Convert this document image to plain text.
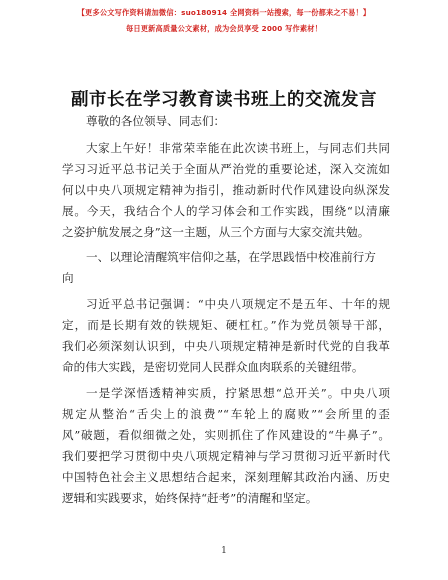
【更多公文写作资料请加微信：suo180914 全网资料一站搜索，每一份都来之不易！】
每日更新高质量公文素材，成为会员享受 2000 写作素材！
副市长在学习教育读书班上的交流发言
尊敬的各位领导、同志们：
大家上午好！非常荣幸能在此次读书班上，与同志们共同
学习习近平总书记关于全面从严治党的重要论述，深入交流如
何以中央八项规定精神为指引，推动新时代作风建设向纵深发
展。今天，我结合个人的学习体会和工作实践，围绕“以清廉
之姿护航发展之身”这一主题，从三个方面与大家交流共勉。
一、以理论清醒筑牢信仰之基，在学思践悟中校准前行方
向
习近平总书记强调：“中央八项规定不是五年、十年的规
定，而是长期有效的铁规矩、硬杠杠。”作为党员领导干部，
我们必须深刻认识到，中央八项规定精神是新时代党的自我革
命的伟大实践，是密切党同人民群众血肉联系的关键纽带。
一是学深悟透精神实质，拧紧思想“总开关”。中央八项
规定从整治“舌尖上的浪费”“车轮上的腐败”“会所里的歪
风”破题，看似细微之处，实则抓住了作风建设的“牛鼻子”。
我们要把学习贯彻中央八项规定精神与学习贯彻习近平新时代
中国特色社会主义思想结合起来，深刻理解其政治内涵、历史
逻辑和实践要求，始终保持“赶考”的清醒和坚定。
1
